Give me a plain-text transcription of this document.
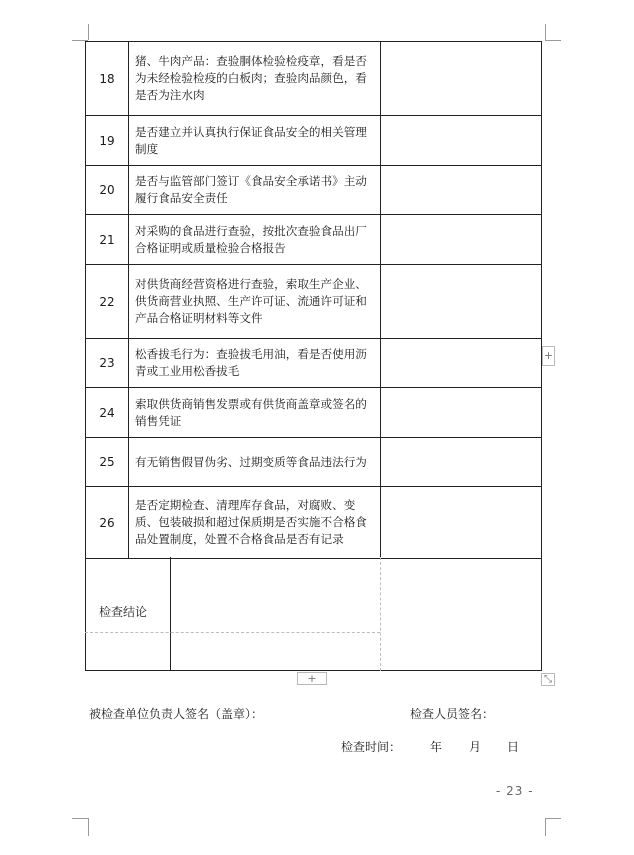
18	猪、牛肉产品：查验胴体检验检疫章，看是否为未经检验检疫的白板肉；查验肉品颜色，看是否为注水肉	
19	是否建立并认真执行保证食品安全的相关管理制度	
20	是否与监管部门签订《食品安全承诺书》主动履行食品安全责任	
21	对采购的食品进行查验，按批次查验食品出厂合格证明或质量检验合格报告	
22	对供货商经营资格进行查验，索取生产企业、供货商营业执照、生产许可证、流通许可证和产品合格证明材料等文件	
23	松香拔毛行为：查验拔毛用油，看是否使用沥青或工业用松香拔毛	
24	索取供货商销售发票或有供货商盖章或签名的销售凭证	
25	有无销售假冒伪劣、过期变质等食品违法行为	
26	是否定期检查、清理库存食品，对腐败、变质、包装破损和超过保质期是否实施不合格食品处置制度，处置不合格食品是否有记录	
检查结论
+
+	⤡
被检查单位负责人签名（盖章）：	检查人员签名：
检查时间： 年 月 日
- 23 -
